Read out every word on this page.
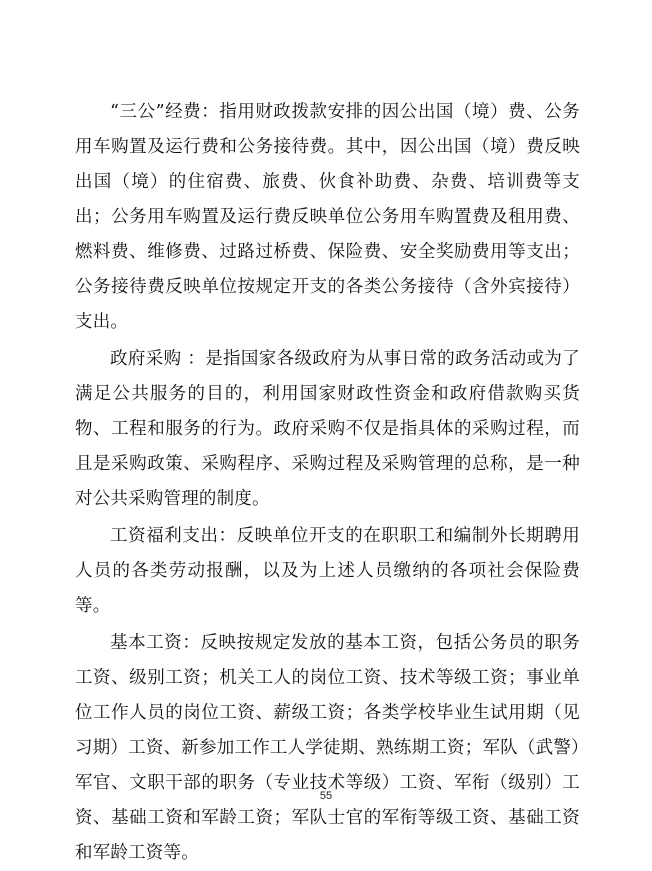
“三公”经费：指用财政拨款安排的因公出国（境）费、公务用车购置及运行费和公务接待费。其中，因公出国（境）费反映出国（境）的住宿费、旅费、伙食补助费、杂费、培训费等支出；公务用车购置及运行费反映单位公务用车购置费及租用费、燃料费、维修费、过路过桥费、保险费、安全奖励费用等支出；公务接待费反映单位按规定开支的各类公务接待（含外宾接待）支出。

政府采购 ：是指国家各级政府为从事日常的政务活动或为了满足公共服务的目的，利用国家财政性资金和政府借款购买货物、工程和服务的行为。政府采购不仅是指具体的采购过程，而且是采购政策、采购程序、采购过程及采购管理的总称，是一种对公共采购管理的制度。

工资福利支出：反映单位开支的在职职工和编制外长期聘用人员的各类劳动报酬，以及为上述人员缴纳的各项社会保险费等。

基本工资：反映按规定发放的基本工资，包括公务员的职务工资、级别工资；机关工人的岗位工资、技术等级工资；事业单位工作人员的岗位工资、薪级工资；各类学校毕业生试用期（见习期）工资、新参加工作工人学徒期、熟练期工资；军队（武警）军官、文职干部的职务（专业技术等级）工资、军衔（级别）工资、基础工资和军龄工资；军队士官的军衔等级工资、基础工资和军龄工资等。

55
